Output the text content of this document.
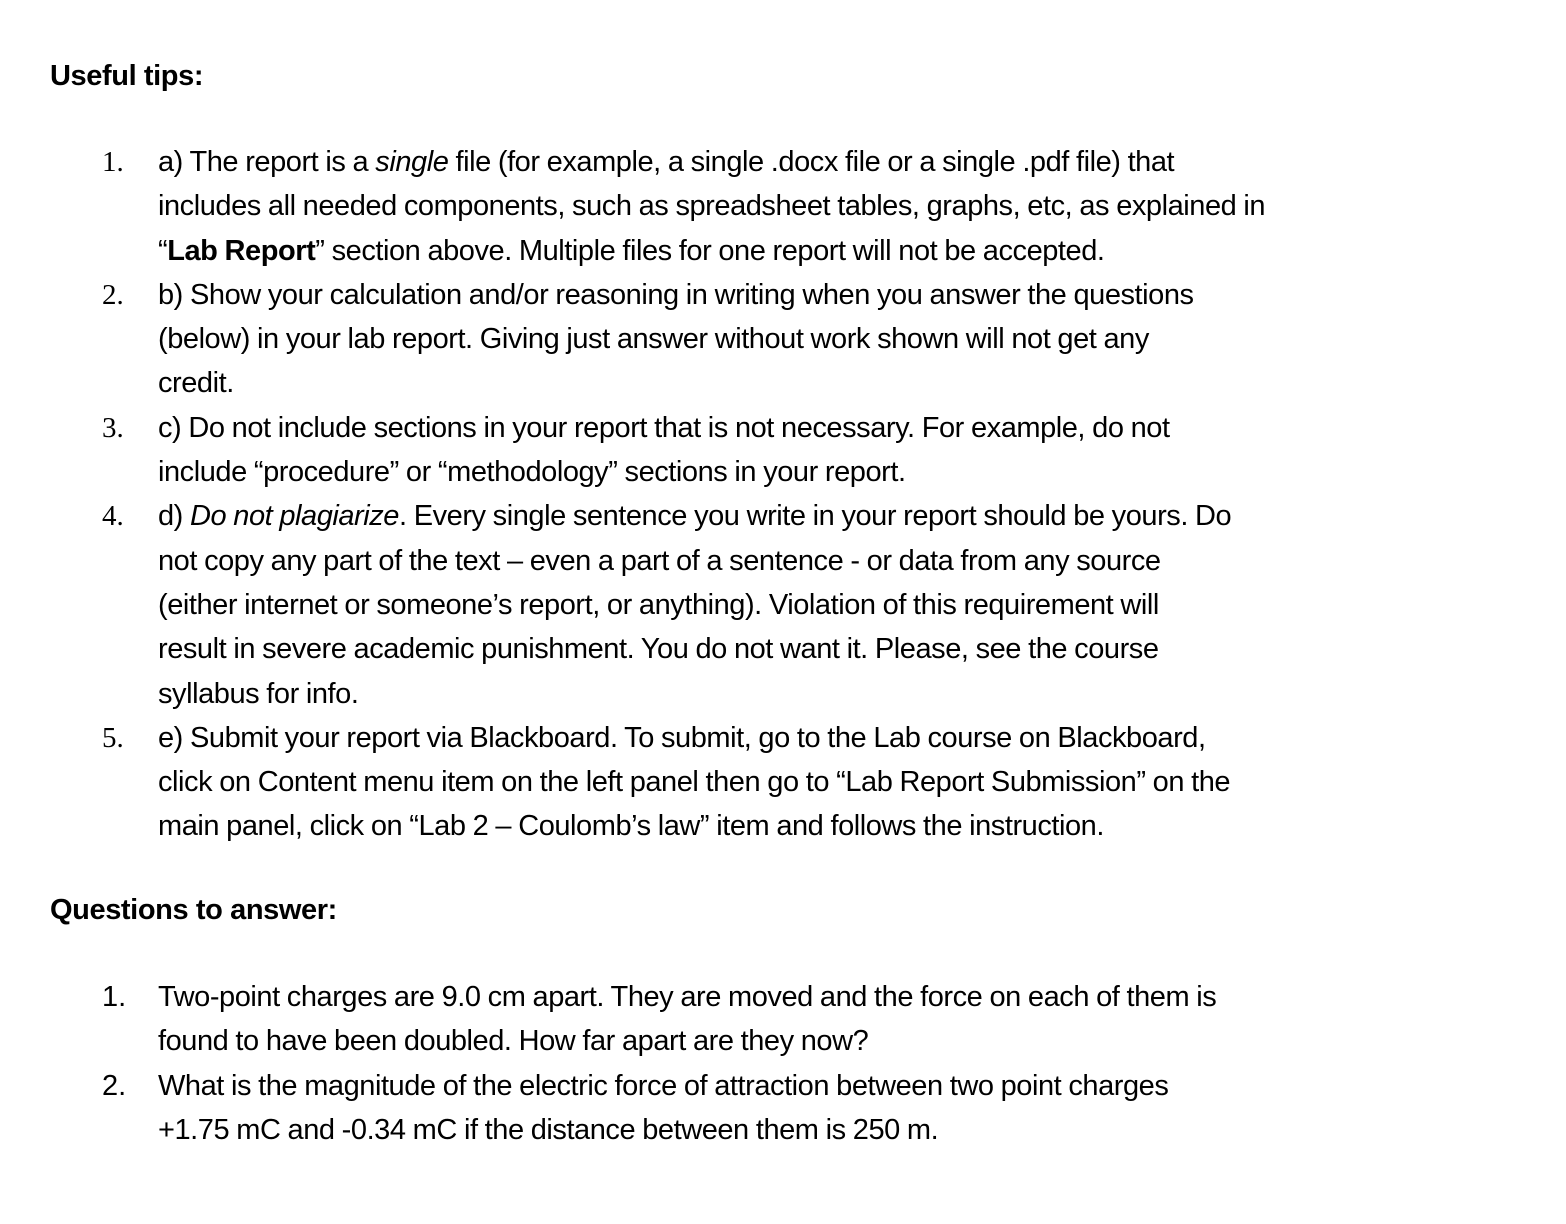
Useful tips:
1. a) The report is a single file (for example, a single .docx file or a single .pdf file) that
includes all needed components, such as spreadsheet tables, graphs, etc, as explained in
“Lab Report” section above. Multiple files for one report will not be accepted.
2. b) Show your calculation and/or reasoning in writing when you answer the questions
(below) in your lab report. Giving just answer without work shown will not get any
credit.
3. c) Do not include sections in your report that is not necessary. For example, do not
include “procedure” or “methodology” sections in your report.
4. d) Do not plagiarize. Every single sentence you write in your report should be yours. Do
not copy any part of the text – even a part of a sentence - or data from any source
(either internet or someone’s report, or anything). Violation of this requirement will
result in severe academic punishment. You do not want it. Please, see the course
syllabus for info.
5. e) Submit your report via Blackboard. To submit, go to the Lab course on Blackboard,
click on Content menu item on the left panel then go to “Lab Report Submission” on the
main panel, click on “Lab 2 – Coulomb’s law” item and follows the instruction.
Questions to answer:
1. Two-point charges are 9.0 cm apart. They are moved and the force on each of them is
found to have been doubled. How far apart are they now?
2. What is the magnitude of the electric force of attraction between two point charges
+1.75 mC and -0.34 mC if the distance between them is 250 m.
